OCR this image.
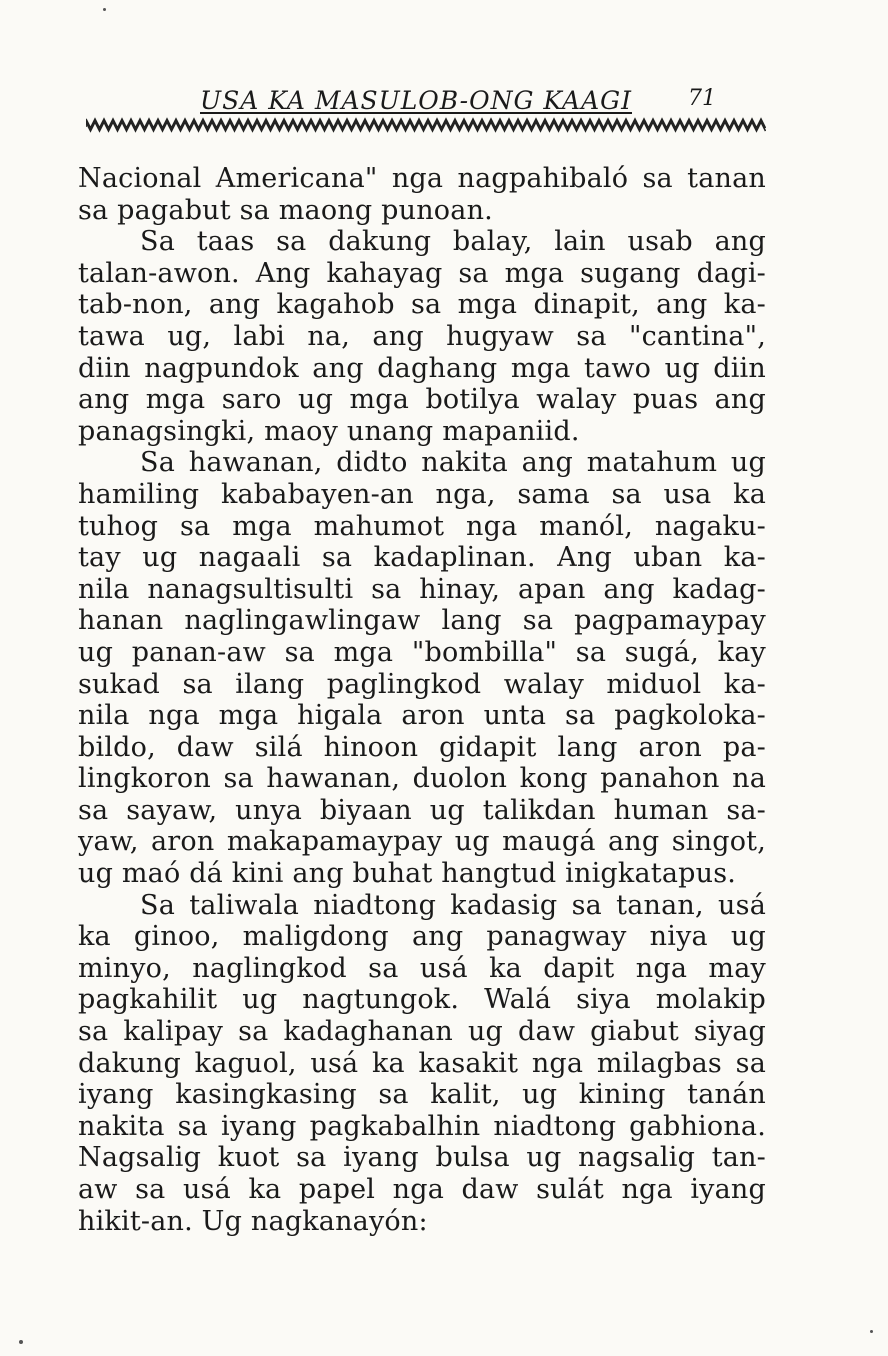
USA KA MASULOB-ONG KAAGI	71
Nacional Americana" nga nagpahibaló sa tanan
sa pagabut sa maong punoan.
Sa taas sa dakung balay, lain usab ang
talan-awon. Ang kahayag sa mga sugang dagi-
tab-non, ang kagahob sa mga dinapit, ang ka-
tawa ug, labi na, ang hugyaw sa "cantina",
diin nagpundok ang daghang mga tawo ug diin
ang mga saro ug mga botilya walay puas ang
panagsingki, maoy unang mapaniid.
Sa hawanan, didto nakita ang matahum ug
hamiling kababayen-an nga, sama sa usa ka
tuhog sa mga mahumot nga manól, nagaku-
tay ug nagaali sa kadaplinan. Ang uban ka-
nila nanagsultisulti sa hinay, apan ang kadag-
hanan naglingawlingaw lang sa pagpamaypay
ug panan-aw sa mga "bombilla" sa sugá, kay
sukad sa ilang paglingkod walay miduol ka-
nila nga mga higala aron unta sa pagkoloka-
bildo, daw silá hinoon gidapit lang aron pa-
lingkoron sa hawanan, duolon kong panahon na
sa sayaw, unya biyaan ug talikdan human sa-
yaw, aron makapamaypay ug maugá ang singot,
ug maó dá kini ang buhat hangtud inigkatapus.
Sa taliwala niadtong kadasig sa tanan, usá
ka ginoo, maligdong ang panagway niya ug
minyo, naglingkod sa usá ka dapit nga may
pagkahilit ug nagtungok. Walá siya molakip
sa kalipay sa kadaghanan ug daw giabut siyag
dakung kaguol, usá ka kasakit nga milagbas sa
iyang kasingkasing sa kalit, ug kining tanán
nakita sa iyang pagkabalhin niadtong gabhiona.
Nagsalig kuot sa iyang bulsa ug nagsalig tan-
aw sa usá ka papel nga daw sulát nga iyang
hikit-an. Ug nagkanayón:
